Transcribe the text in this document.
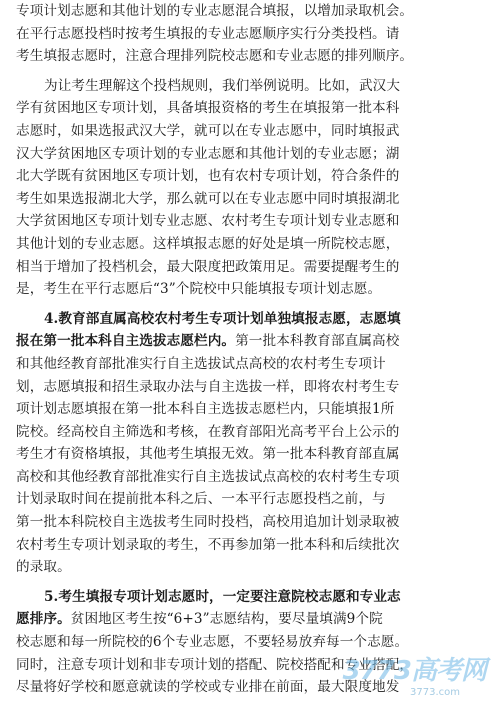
专项计划志愿和其他计划的专业志愿混合填报，以增加录取机会。
在平行志愿投档时按考生填报的专业志愿顺序实行分类投档。请
考生填报志愿时，注意合理排列院校志愿和专业志愿的排列顺序。
为让考生理解这个投档规则，我们举例说明。比如，武汉大
学有贫困地区专项计划，具备填报资格的考生在填报第一批本科
志愿时，如果选报武汉大学，就可以在专业志愿中，同时填报武
汉大学贫困地区专项计划的专业志愿和其他计划的专业志愿；湖
北大学既有贫困地区专项计划，也有农村专项计划，符合条件的
考生如果选报湖北大学，那么就可以在专业志愿中同时填报湖北
大学贫困地区专项计划专业志愿、农村考生专项计划专业志愿和
其他计划的专业志愿。这样填报志愿的好处是填一所院校志愿，
相当于增加了投档机会，最大限度把政策用足。需要提醒考生的
是，考生在平行志愿后“3”个院校中只能填报专项计划志愿。
4.教育部直属高校农村考生专项计划单独填报志愿，志愿填
报在第一批本科自主选拔志愿栏内。第一批本科教育部直属高校
和其他经教育部批准实行自主选拔试点高校的农村考生专项计
划，志愿填报和招生录取办法与自主选拔一样，即将农村考生专
项计划志愿填报在第一批本科自主选拔志愿栏内，只能填报1所
院校。经高校自主筛选和考核，在教育部阳光高考平台上公示的
考生才有资格填报，其他考生填报无效。第一批本科教育部直属
高校和其他经教育部批准实行自主选拔试点高校的农村考生专项
计划录取时间在提前批本科之后、一本平行志愿投档之前，与
第一批本科院校自主选拔考生同时投档，高校用追加计划录取被
农村考生专项计划录取的考生，不再参加第一批本科和后续批次
的录取。
5.考生填报专项计划志愿时，一定要注意院校志愿和专业志
愿排序。贫困地区考生按“6+3”志愿结构，要尽量填满9个院
校志愿和每一所院校的6个专业志愿，不要轻易放弃每一个志愿。
同时，注意专项计划和非专项计划的搭配、院校搭配和专业搭配，
尽量将好学校和愿意就读的学校或专业排在前面，最大限度地发
3773高考网
3773.com
